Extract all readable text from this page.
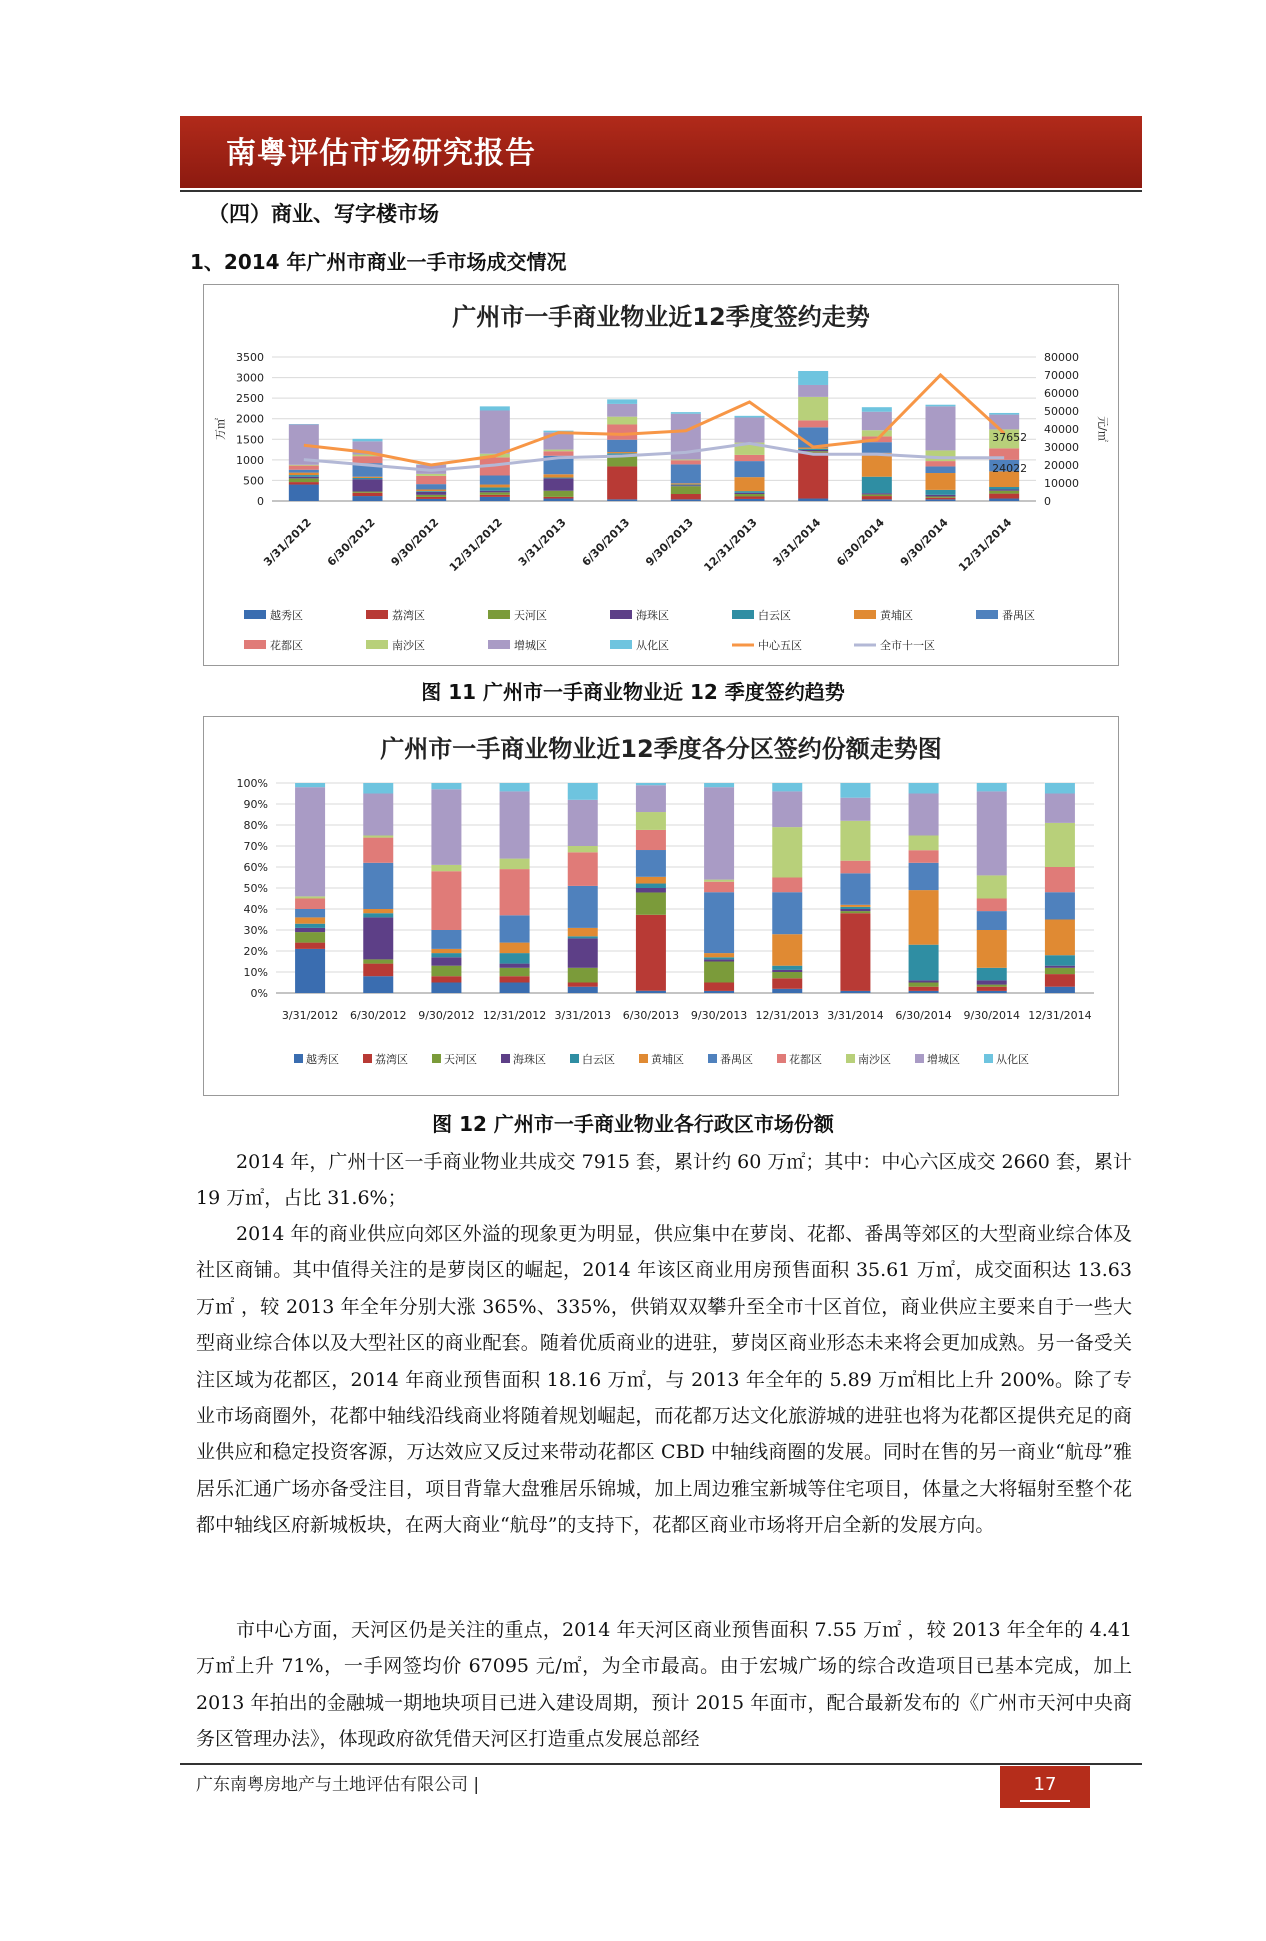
南粤评估市场研究报告
（四）商业、写字楼市场
1、2014 年广州市商业一手市场成交情况
广州市一手商业物业近12季度签约走势
0
500
1000
1500
2000
2500
3000
3500
0
10000
20000
30000
40000
50000
60000
70000
80000
万㎡	元/㎡
3/31/2012 6/30/2012 9/30/2012 12/31/2012 3/31/2013 6/30/2013 9/30/2013 12/31/2013 3/31/2014 6/30/2014 9/30/2014 12/31/2014
37652
24022
越秀区	荔湾区	天河区	海珠区	白云区	黄埔区	番禺区
花都区	南沙区	增城区	从化区	中心五区	全市十一区
图 11 广州市一手商业物业近 12 季度签约趋势
广州市一手商业物业近12季度各分区签约份额走势图
0%
10%
20%
30%
40%
50%
60%
70%
80%
90%
100%
3/31/2012 6/30/2012 9/30/2012 12/31/2012 3/31/2013 6/30/2013 9/30/2013 12/31/2013 3/31/2014 6/30/2014 9/30/2014 12/31/2014
越秀区	荔湾区	天河区	海珠区	白云区	黄埔区	番禺区	花都区	南沙区	增城区	从化区
图 12 广州市一手商业物业各行政区市场份额
2014 年，广州十区一手商业物业共成交 7915 套，累计约 60 万㎡；其中：中心六区成交 2660 套，累计 19 万㎡，占比 31.6%；
2014 年的商业供应向郊区外溢的现象更为明显，供应集中在萝岗、花都、番禺等郊区的大型商业综合体及社区商铺。其中值得关注的是萝岗区的崛起，2014 年该区商业用房预售面积 35.61 万㎡，成交面积达 13.63 万㎡ ，较 2013 年全年分别大涨 365%、335%，供销双双攀升至全市十区首位，商业供应主要来自于一些大型商业综合体以及大型社区的商业配套。随着优质商业的进驻，萝岗区商业形态未来将会更加成熟。另一备受关注区域为花都区，2014 年商业预售面积 18.16 万㎡，与 2013 年全年的 5.89 万㎡相比上升 200%。除了专业市场商圈外，花都中轴线沿线商业将随着规划崛起，而花都万达文化旅游城的进驻也将为花都区提供充足的商业供应和稳定投资客源，万达效应又反过来带动花都区 CBD 中轴线商圈的发展。同时在售的另一商业“航母”雅居乐汇通广场亦备受注目，项目背靠大盘雅居乐锦城，加上周边雅宝新城等住宅项目，体量之大将辐射至整个花都中轴线区府新城板块，在两大商业“航母”的支持下，花都区商业市场将开启全新的发展方向。
市中心方面，天河区仍是关注的重点，2014 年天河区商业预售面积 7.55 万㎡ ，较 2013 年全年的 4.41 万㎡上升 71%，一手网签均价 67095 元/㎡，为全市最高。由于宏城广场的综合改造项目已基本完成，加上 2013 年拍出的金融城一期地块项目已进入建设周期，预计 2015 年面市，配合最新发布的《广州市天河中央商务区管理办法》，体现政府欲凭借天河区打造重点发展总部经
广东南粤房地产与土地评估有限公司 |	17
